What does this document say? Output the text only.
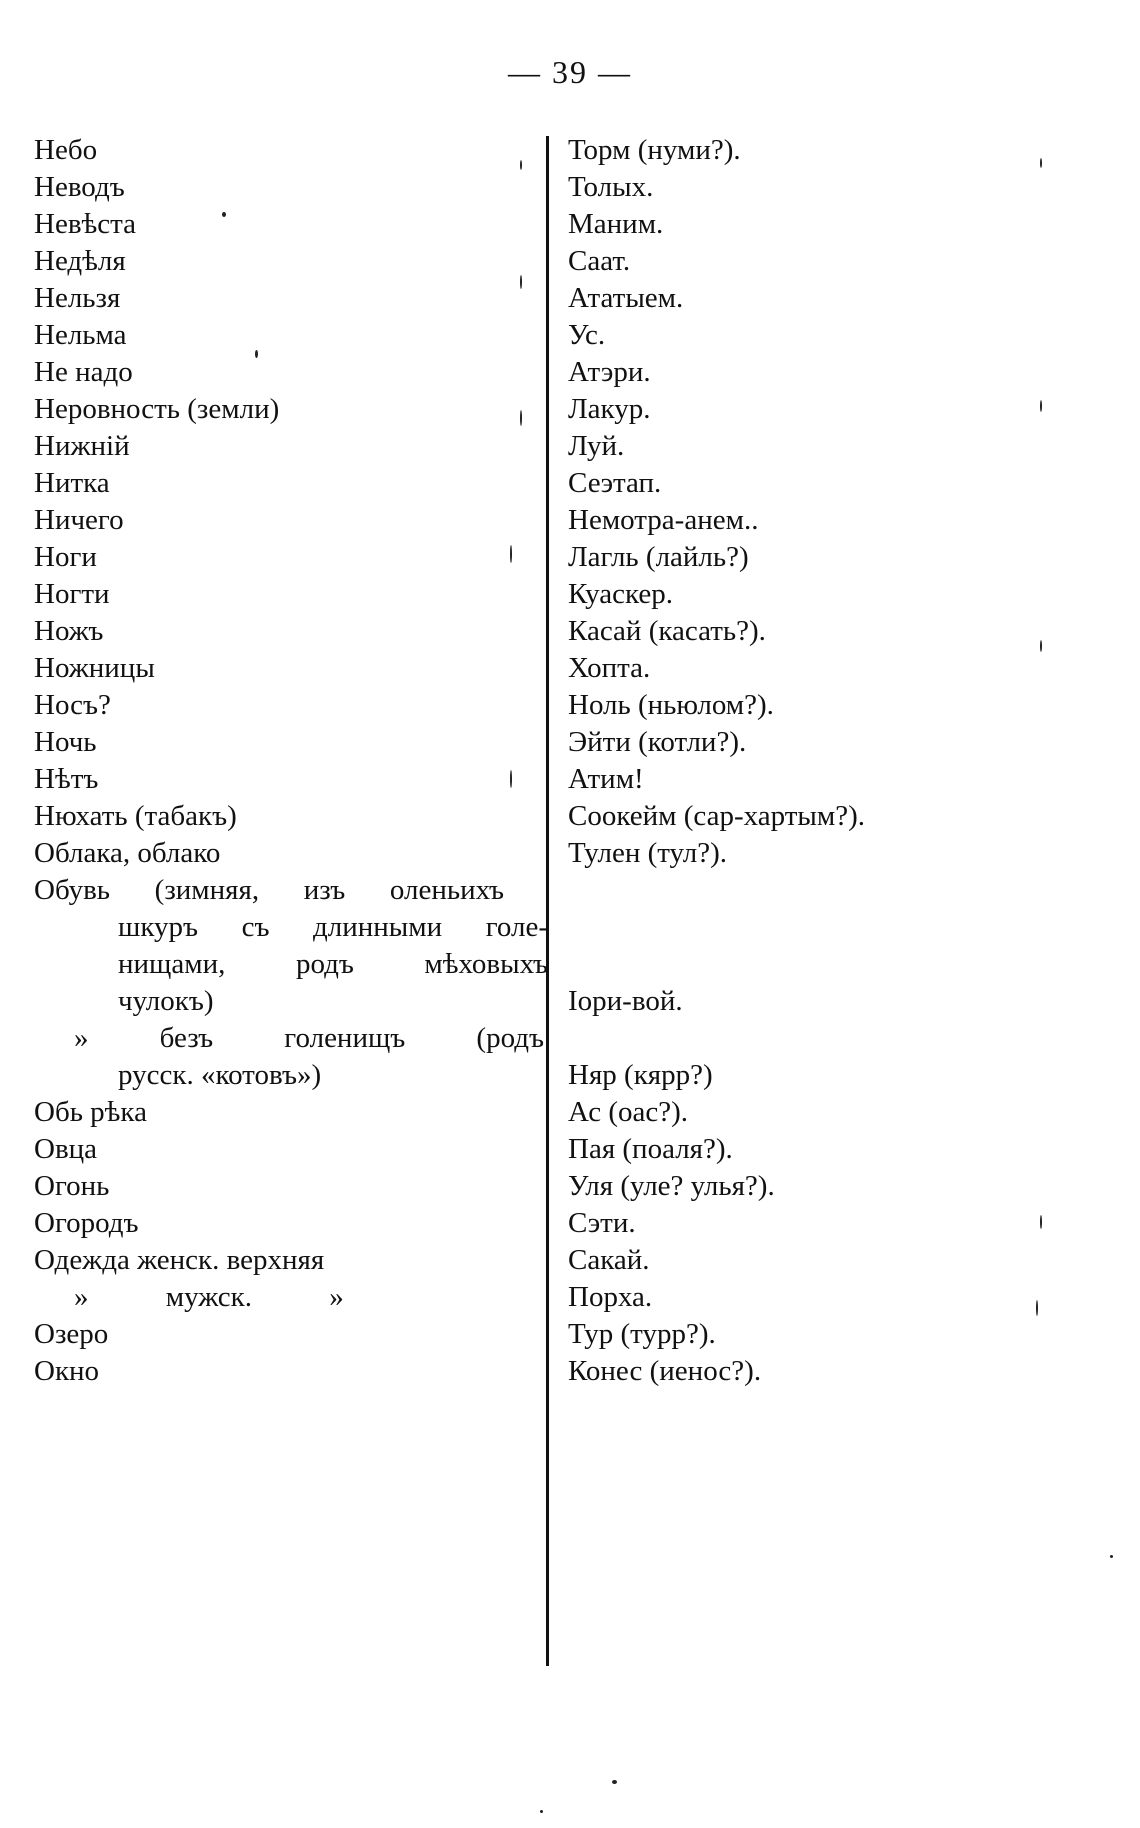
— 39 —
Небо
Неводъ
Невѣста
Недѣля
Нельзя
Нельма
Не надо
Неровность (земли)
Нижній
Нитка
Ничего
Ноги
Ногти
Ножъ
Ножницы
Носъ?
Ночь
Нѣтъ
Нюхать (табакъ)
Облака, облако
Обувь (зимняя, изъ оленьихъ
шкуръ съ длинными голе-
нищами, родъ мѣховыхъ
чулокъ)
» безъ голенищъ (родъ
русск. «котовъ»)
Обь рѣка
Овца
Огонь
Огородъ
Одежда женск. верхняя
» мужск. »
Озеро
Окно
Торм (нуми?).
Толых.
Маним.
Саат.
Ататыем.
Ус.
Атэри.
Лакур.
Луй.
Сеэтап.
Немотра-анем..
Лагль (лайль?)
Куаскер.
Касай (касать?).
Хопта.
Ноль (ньюлом?).
Эйти (котли?).
Атим!
Соокейм (сар-хартым?).
Тулен (тул?).
Іори-вой.
Няр (кярр?)
Ас (оас?).
Пая (поаля?).
Уля (уле? улья?).
Сэти.
Сакай.
Порха.
Тур (турр?).
Конес (иенос?).
